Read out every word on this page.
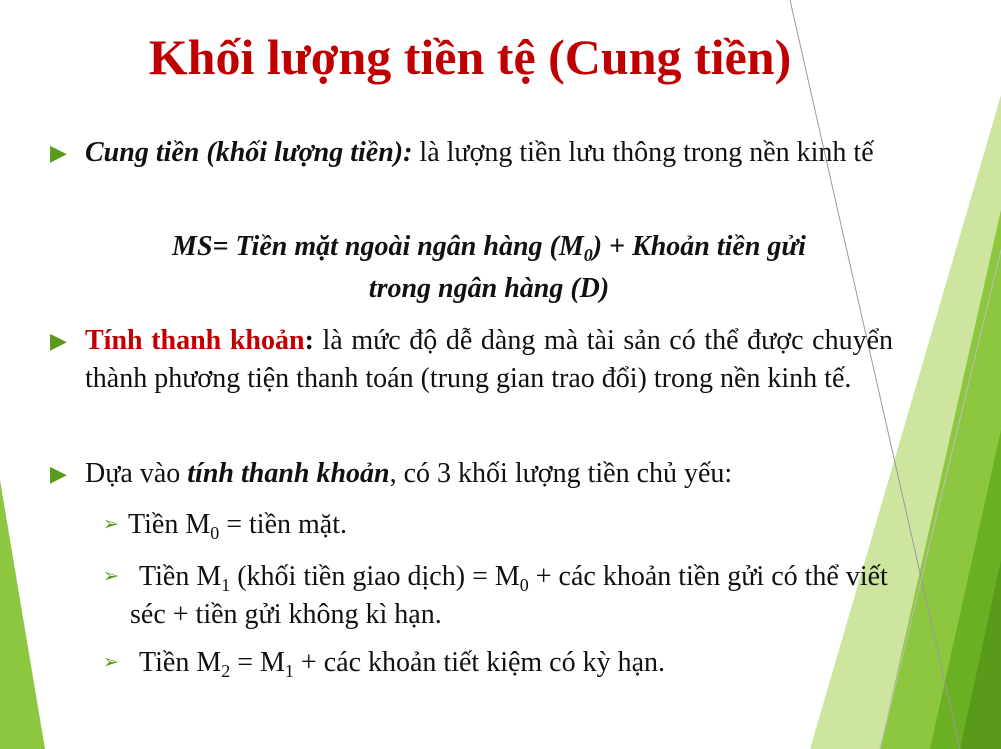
Khối lượng tiền tệ (Cung tiền)
▶ Cung tiền (khối lượng tiền): là lượng tiền lưu thông trong nền kinh tế
MS= Tiền mặt ngoài ngân hàng $(M_0)$ + Khoản tiền gửi
trong ngân hàng (D)
▶ Tính thanh khoản: là mức độ dễ dàng mà tài sản có thể được chuyển thành phương tiện thanh toán (trung gian trao đổi) trong nền kinh tế.
▶ Dựa vào tính thanh khoản, có 3 khối lượng tiền chủ yếu:
➢ Tiền $M_0$ = tiền mặt.
➢ Tiền $M_1$ (khối tiền giao dịch) = $M_0$ + các khoản tiền gửi có thể viết séc + tiền gửi không kì hạn.
➢ Tiền $M_2 = M_1$ + các khoản tiết kiệm có kỳ hạn.
